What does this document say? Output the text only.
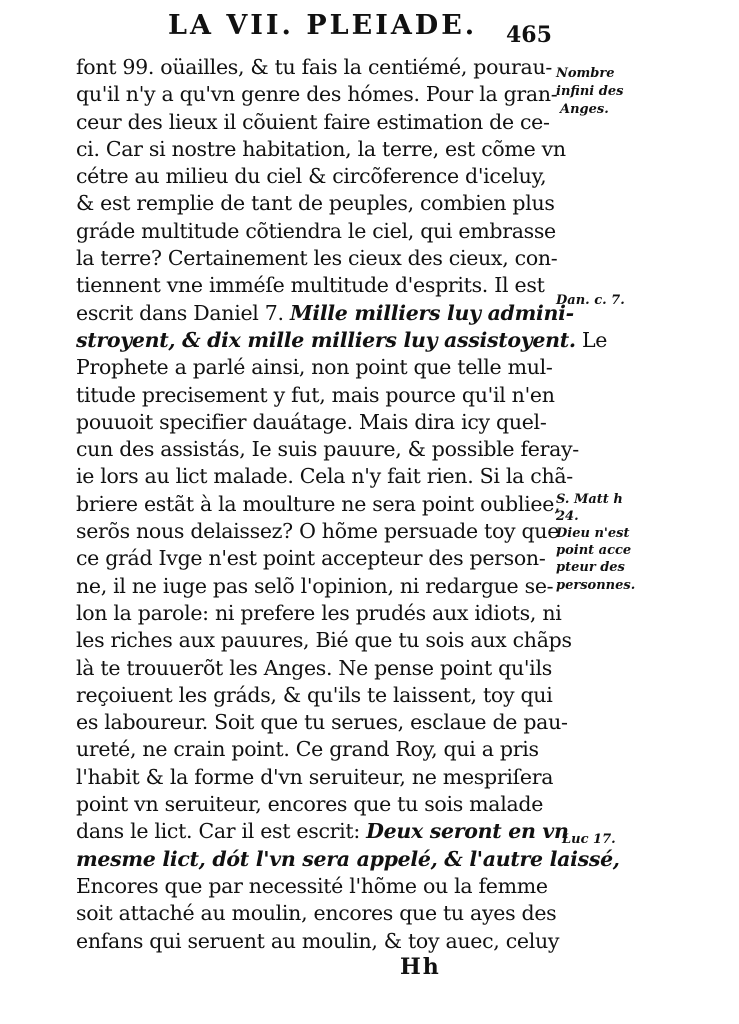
LA VII. PLEIADE.	465
font 99. oüailles, & tu fais la centiémé, pourau-
qu'il n'y a qu'vn genre des hómes. Pour la gran-
ceur des lieux il cõuient faire estimation de ce-
ci. Car si nostre habitation, la terre, est cõme vn
cétre au milieu du ciel & circõference d'iceluy,
& est remplie de tant de peuples, combien plus
gráde multitude cõtiendra le ciel, qui embrasse
la terre? Certainement les cieux des cieux, con-
tiennent vne imméſe multitude d'esprits. Il est
escrit dans Daniel 7. Mille milliers luy admini-
stroyent, & dix mille milliers luy assistoyent. Le
Prophete a parlé ainsi, non point que telle mul-
titude precisement y fut, mais pource qu'il n'en
pouuoit specifier dauátage. Mais dira icy quel-
cun des assistás, Ie suis pauure, & possible feray-
ie lors au lict malade. Cela n'y fait rien. Si la chã-
briere estãt à la moulture ne sera point oubliee,
serõs nous delaissez? O hõme persuade toy que
ce grád Ivge n'est point accepteur des person-
ne, il ne iuge pas selõ l'opinion, ni redargue se-
lon la parole: ni prefere les prudés aux idiots, ni
les riches aux pauures, Bié que tu sois aux chãps
là te trouuerõt les Anges. Ne pense point qu'ils
reçoiuent les gráds, & qu'ils te laissent, toy qui
es laboureur. Soit que tu serues, esclaue de pau-
ureté, ne crain point. Ce grand Roy, qui a pris
l'habit & la forme d'vn seruiteur, ne mespriſera
point vn seruiteur, encores que tu sois malade
dans le lict. Car il est escrit: Deux seront en vn
mesme lict, dót l'vn sera appelé, & l'autre laissé,
Encores que par necessité l'hõme ou la femme
soit attaché au moulin, encores que tu ayes des
enfans qui seruent au moulin, & toy auec, celuy
Nombre
infini des
Anges.
Dan. c. 7.
S. Matt h
24.
Dieu n'est
point acce
pteur des
personnes.
Luc 17.
Hh
